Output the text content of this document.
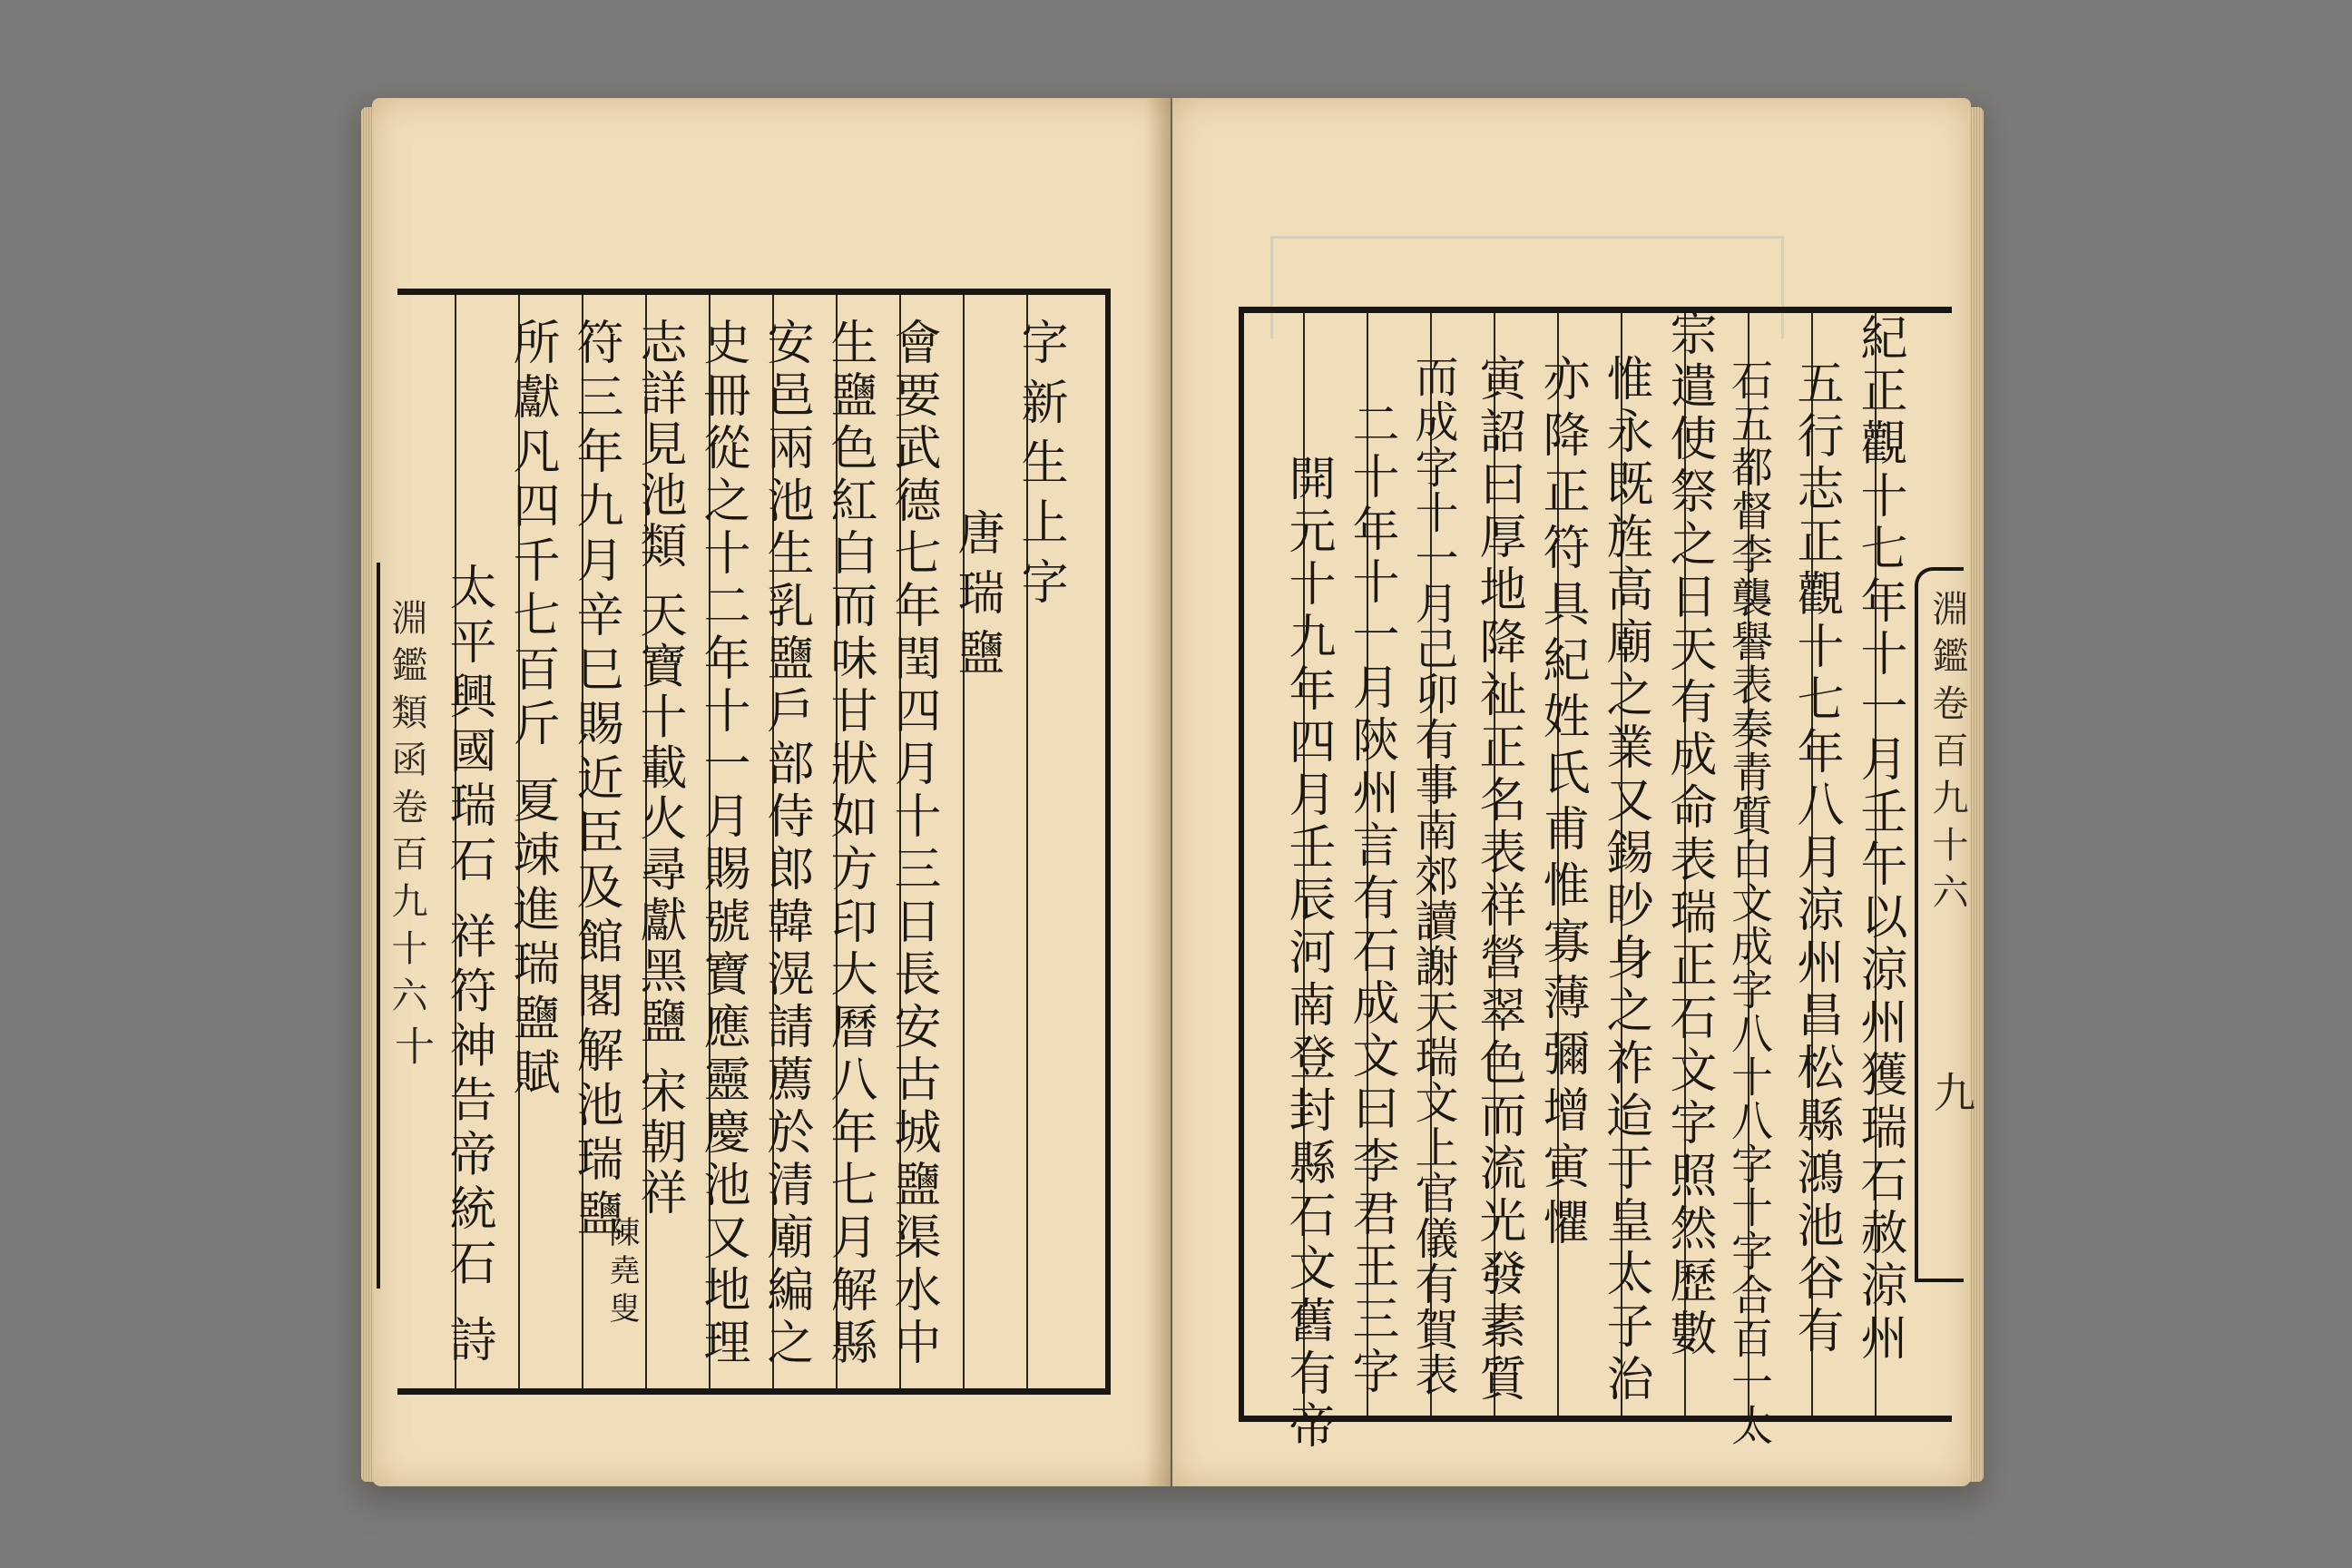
淵鑑類函卷百九十六
十
字新生上字
唐瑞鹽
會要武德七年閏四月十三日長安古城鹽渠水中
生鹽色紅白而味甘狀如方印大曆八年七月解縣
安邑兩池生乳鹽戶部侍郎韓滉請薦於清廟編之
史冊從之十二年十一月賜號寶應靈慶池又地理
志詳見池類 天寶十載火尋獻黑鹽 宋朝祥
符三年九月辛巳賜近臣及館閣解池瑞鹽
所獻凡四千七百斤 夏竦進瑞鹽賦
太平興國瑞石 祥符神告帝統石 詩	陳堯叟
淵鑑卷百九十六
九
紀正觀十七年十一月壬午以涼州獲瑞石赦涼州
五行志正觀十七年八月涼州昌松縣鴻池谷有
石五都督李襲譽表奏青質白文成字八十八字十字合百一太
宗遣使祭之日天有成命表瑞正石文字照然歷數
惟永既旌高廟之業又錫眇身之祚迨于皇太子治
亦降正符具紀姓氏甫惟寡薄彌增寅懼
寅詔曰厚地降祉正名表祥營翠色而流光發素質
而成字十一月己卯有事南郊讀謝天瑞文上官儀有賀表
二十年十一月陝州言有石成文曰李君王三字
開元十九年四月壬辰河南登封縣石文舊有帝
